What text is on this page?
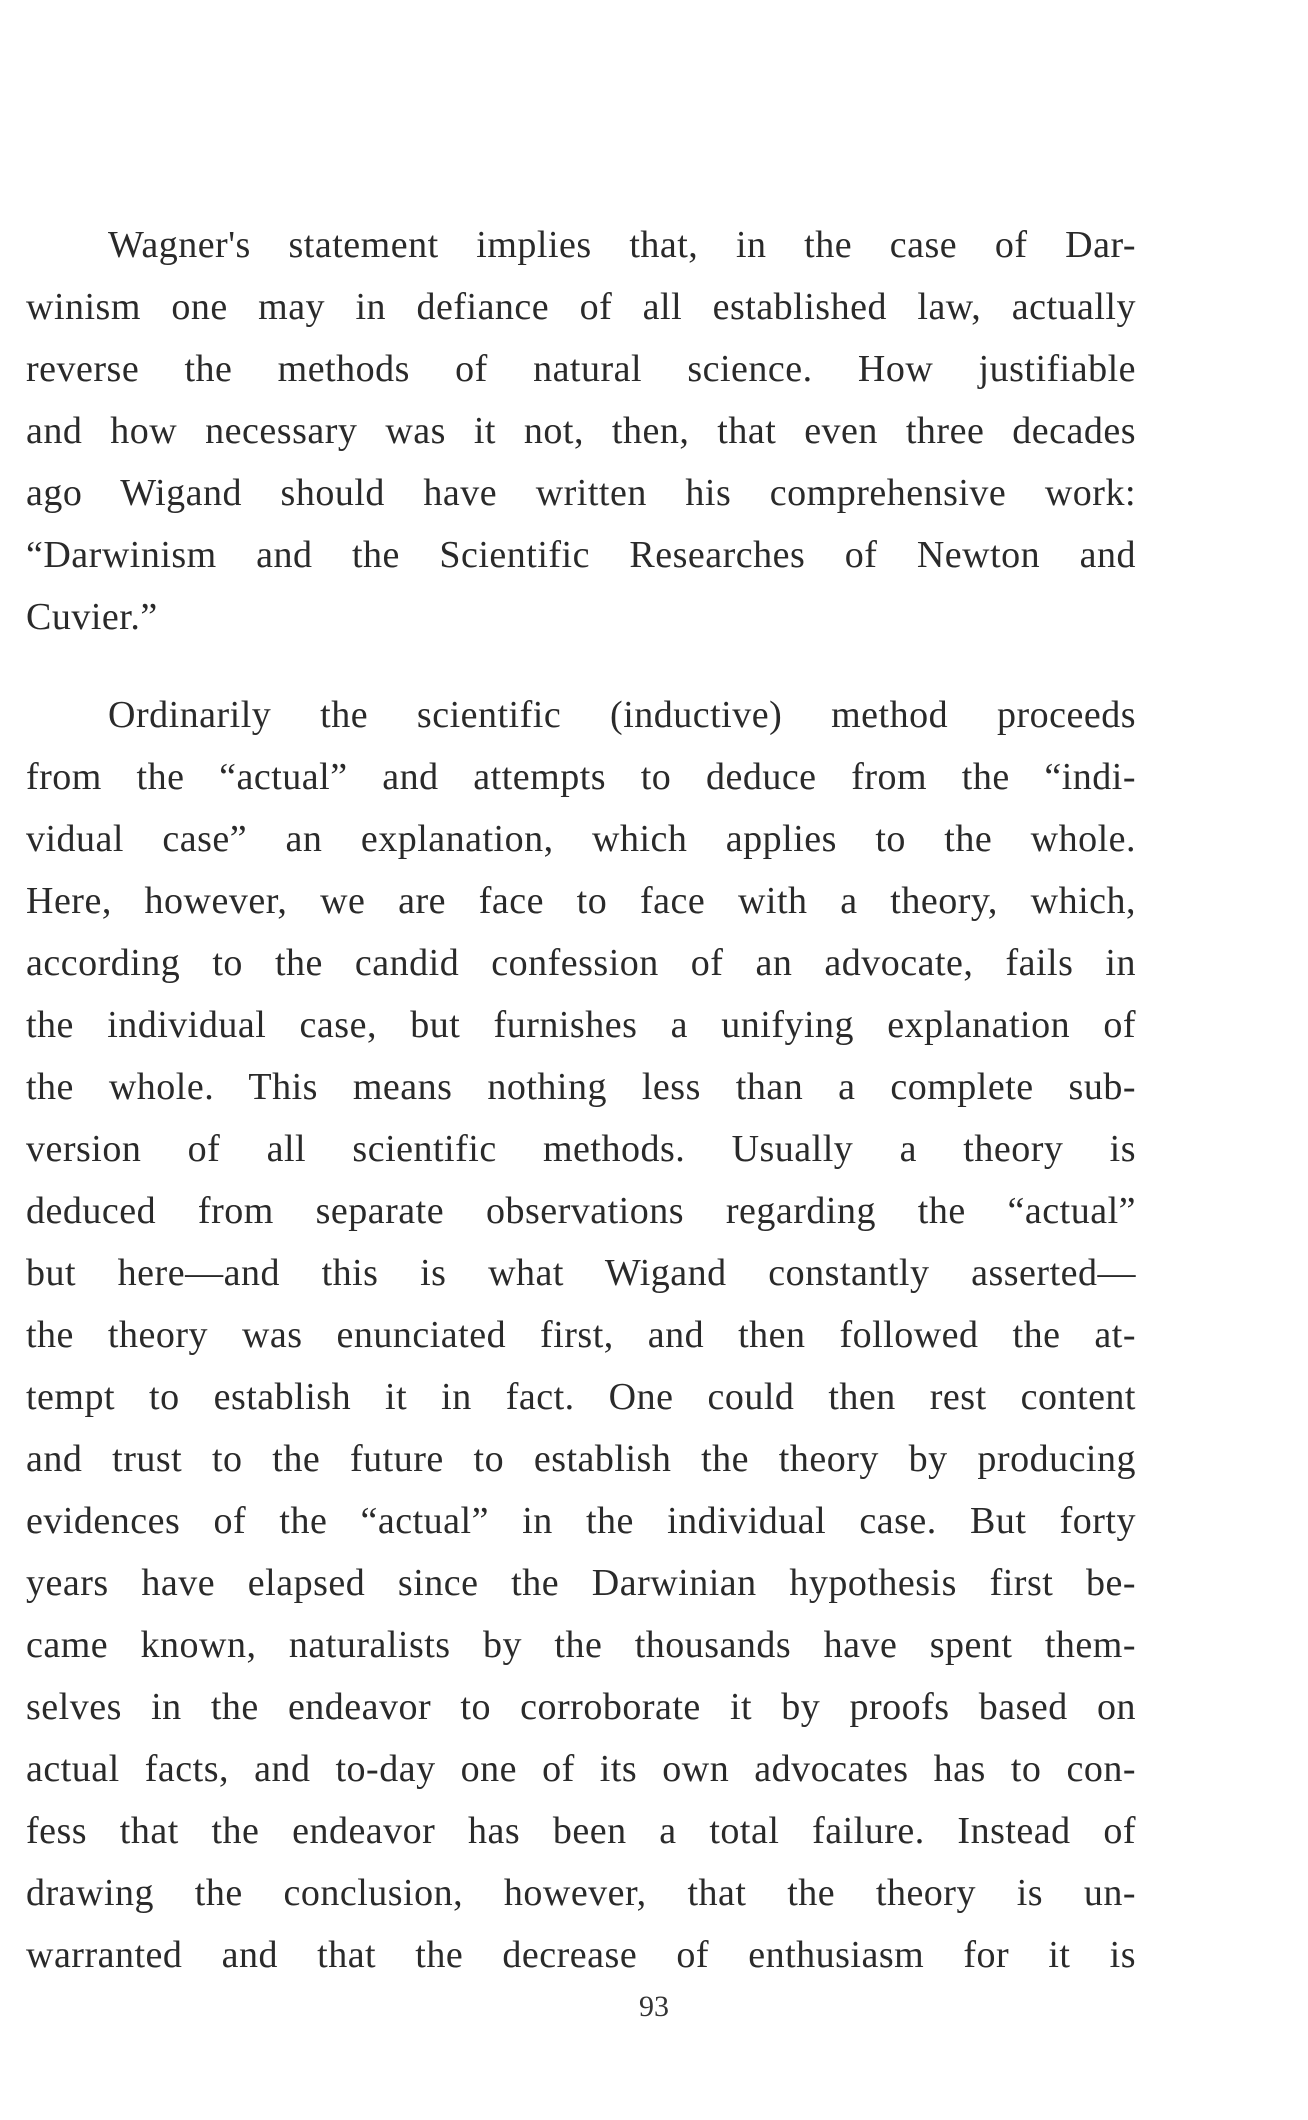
Wagner's statement implies that, in the case of Dar-
winism one may in defiance of all established law, actually
reverse the methods of natural science. How justifiable
and how necessary was it not, then, that even three decades
ago Wigand should have written his comprehensive work:
“Darwinism and the Scientific Researches of Newton and
Cuvier.”
Ordinarily the scientific (inductive) method proceeds
from the “actual” and attempts to deduce from the “indi-
vidual case” an explanation, which applies to the whole.
Here, however, we are face to face with a theory, which,
according to the candid confession of an advocate, fails in
the individual case, but furnishes a unifying explanation of
the whole. This means nothing less than a complete sub-
version of all scientific methods. Usually a theory is
deduced from separate observations regarding the “actual”
but here—and this is what Wigand constantly asserted—
the theory was enunciated first, and then followed the at-
tempt to establish it in fact. One could then rest content
and trust to the future to establish the theory by producing
evidences of the “actual” in the individual case. But forty
years have elapsed since the Darwinian hypothesis first be-
came known, naturalists by the thousands have spent them-
selves in the endeavor to corroborate it by proofs based on
actual facts, and to-day one of its own advocates has to con-
fess that the endeavor has been a total failure. Instead of
drawing the conclusion, however, that the theory is un-
warranted and that the decrease of enthusiasm for it is
93
